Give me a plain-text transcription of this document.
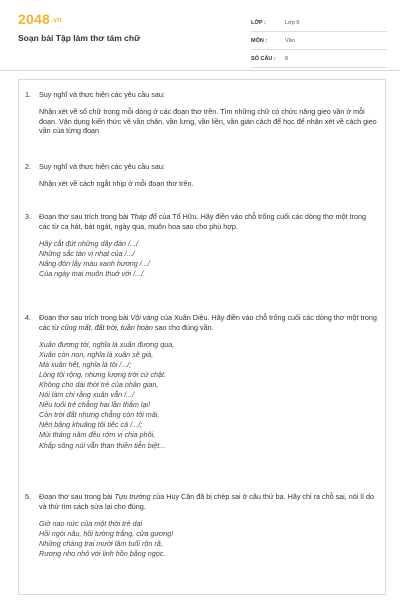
2048.vn
Soạn bài Tập làm thơ tám chữ
LỚP :	Lớp 9
MÔN :	Văn
SỐ CÂU :	8
1.	Suy nghĩ và thực hiện các yêu cầu sau:
Nhận xét về số chữ trong mỗi dòng ở các đoạn thơ trên. Tìm những chữ có chức năng gieo vần ở mỗi đoạn. Vận dụng kiến thức về vần chân, vần lưng, vần liền, vần gián cách để học để nhận xét về cách gieo vần của từng đoạn
2.	Suy nghĩ và thực hiện các yêu cầu sau:
Nhận xét về cách ngắt nhịp ở mỗi đoạn thơ trên.
3.	Đoạn thơ sau trích trong bài Tháp đổ của Tố Hữu. Hãy điền vào chỗ trống cuối các dòng thơ một trong các từ ca hát, bát ngát, ngày qua, muôn hoa sao cho phù hợp.
Hãy cắt đứt những dây đàn /.../
Những sắc tàn vị nhạt của /.../
Nâng đón lấy màu xanh hương /.../
Của ngày mai muôn thuở với /.../.
4.	Đoạn thơ sau trích trong bài Vội vàng của Xuân Diệu. Hãy điền vào chỗ trống cuối các dòng thơ một trong các từ cũng mất, đất trời, tuần hoàn sao cho đúng vần.
Xuân đương tới, nghĩa là xuân đương qua,
Xuân còn non, nghĩa là xuân sẽ già,
Mà xuân hết, nghĩa là tôi /.../;
Lòng tôi rộng, nhưng lượng trời cứ chật.
Không cho dài thời trẻ của nhân gian,
Nói làm chi rằng xuân vẫn /.../
Nếu tuổi trẻ chẳng hai lần thắm lại!
Còn trời đất nhưng chẳng còn tôi mãi,
Nên bâng khuâng tôi tiếc cả /.../;
Mùi tháng năm đều rớm vị chia phôi,
Khắp sông núi vẫn than thiền tiễn biệt...
5.	Đoạn thơ sau trong bài Tựu trường của Huy Cận đã bị chép sai ở câu thứ ba. Hãy chỉ ra chỗ sai, nói lí do và thử tìm cách sửa lại cho đúng.
Giờ nao nức của một thời trẻ dại
Hồi ngói nâu, hồi tường trắng, cửa gương!
Những chàng trai mười lăm tuổi rộn rã,
Rương nho nhỏ với linh hồn bằng ngọc.
